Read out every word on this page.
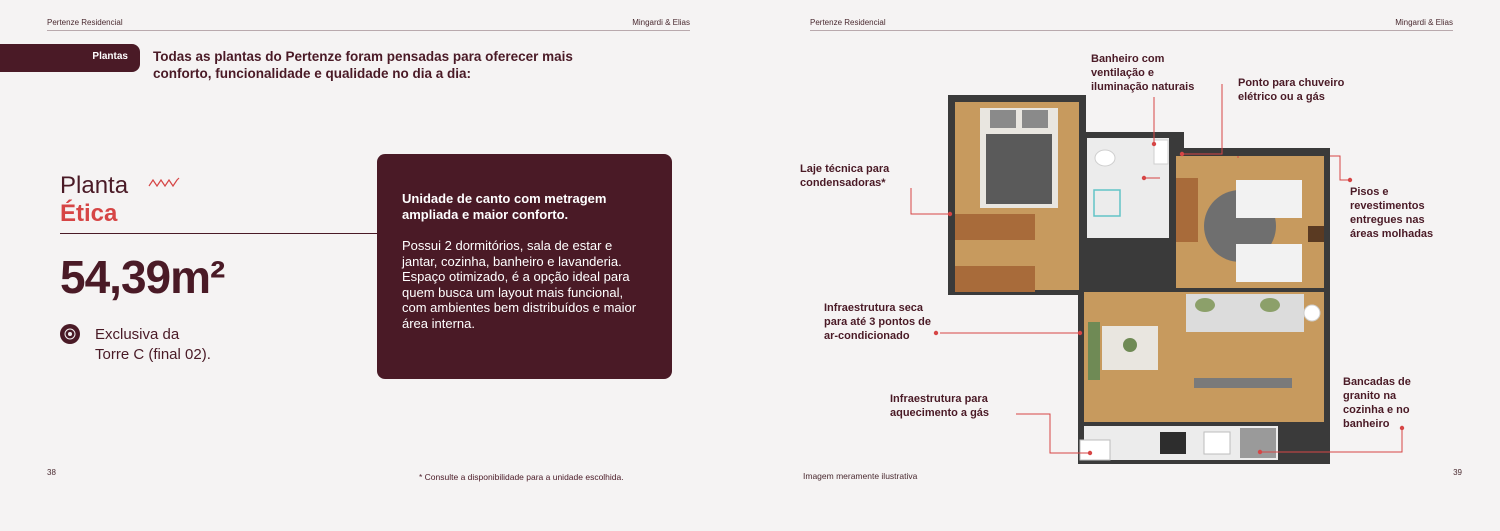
Pertenze Residencial	Mingardi & Elias
Plantas Todas as plantas do Pertenze foram pensadas para oferecer mais conforto, funcionalidade e qualidade no dia a dia:
Planta
Ética
54,39m²
Exclusiva da
Torre C (final 02).
Unidade de canto com metragem ampliada e maior conforto.
Possui 2 dormitórios, sala de estar e jantar, cozinha, banheiro e lavanderia. Espaço otimizado, é a opção ideal para quem busca um layout mais funcional, com ambientes bem distribuídos e maior área interna.
38	* Consulte a disponibilidade para a unidade escolhida.
Pertenze Residencial	Mingardi & Elias
Banheiro com
ventilação e
iluminação naturais	Ponto para chuveiro
elétrico ou a gás
Laje técnica para
condensadoras*
Pisos e
revestimentos
entregues nas
áreas molhadas
Infraestrutura seca
para até 3 pontos de
ar-condicionado
Infraestrutura para
aquecimento a gás
Bancadas de
granito na
cozinha e no
banheiro
Imagem meramente ilustrativa	39
